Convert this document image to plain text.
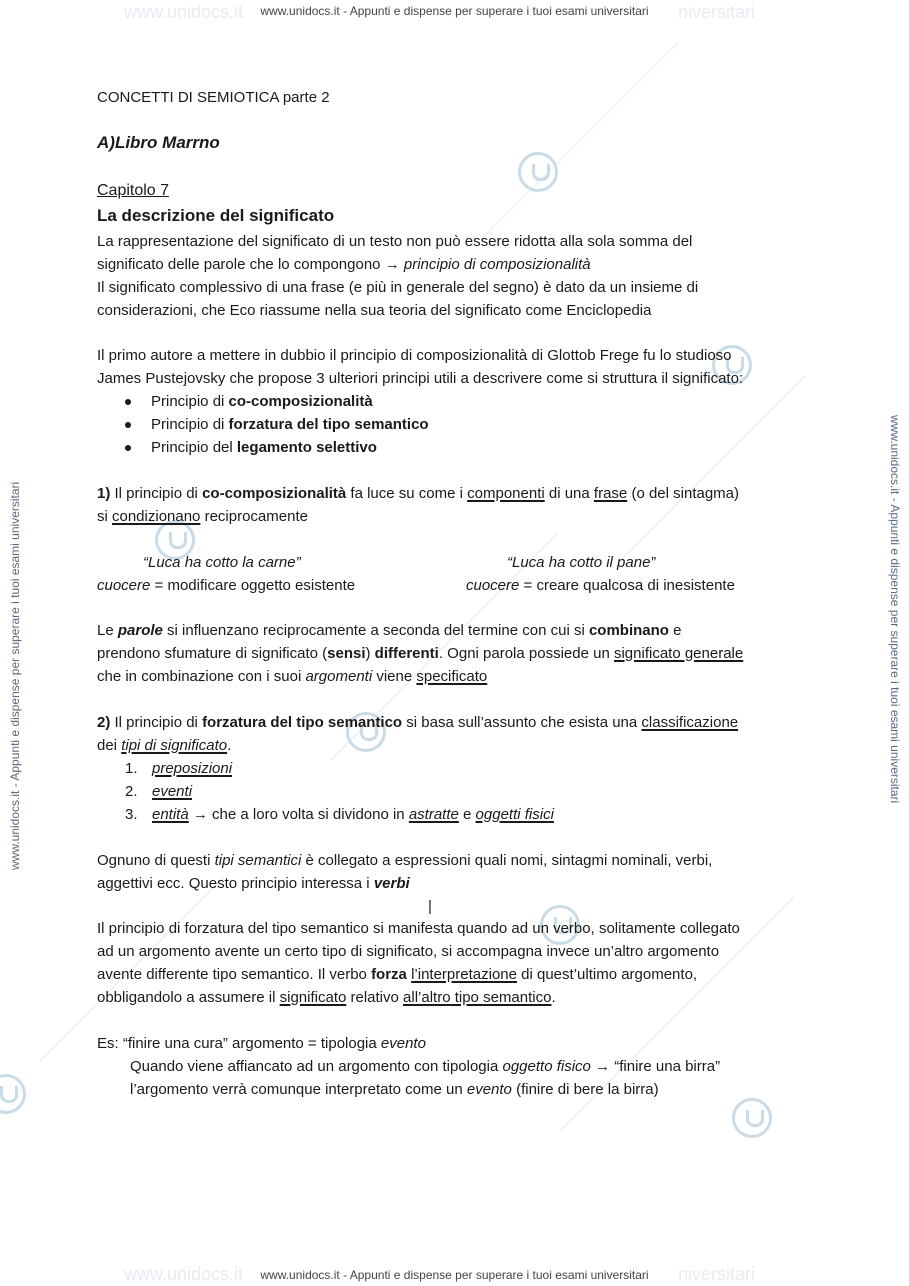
www.unidocs.it	niversitari
www.unidocs.it	niversitari
www.unidocs.it - Appunti e dispense per superare i tuoi esami universitari
www.unidocs.it - Appunti e dispense per superare i tuoi esami universitari
www.unidocs.it - Appunti e dispense per superare i tuoi esami universitari	www.unidocs.it - Appunti e dispense per superare i tuoi esami universitari
CONCETTI DI SEMIOTICA parte 2
A)Libro Marrno
Capitolo 7
La descrizione del significato
La rappresentazione del significato di un testo non può essere ridotta alla sola somma del
significato delle parole che lo compongono → principio di composizionalità
Il significato complessivo di una frase (e più in generale del segno) è dato da un insieme di
considerazioni, che Eco riassume nella sua teoria del significato come Enciclopedia
Il primo autore a mettere in dubbio il principio di composizionalità di Glottob Frege fu lo studioso
James Pustejovsky che propose 3 ulteriori principi utili a descrivere come si struttura il significato:
Principio di co-composizionalità
Principio di forzatura del tipo semantico
Principio del legamento selettivo
1) Il principio di co-composizionalità fa luce su come i componenti di una frase (o del sintagma)
si condizionano reciprocamente
“Luca ha cotto la carne”	“Luca ha cotto il pane”
cuocere = modificare oggetto esistente	cuocere = creare qualcosa di inesistente
Le parole si influenzano reciprocamente a seconda del termine con cui si combinano e
prendono sfumature di significato (sensi) differenti. Ogni parola possiede un significato generale
che in combinazione con i suoi argomenti viene specificato
2) Il principio di forzatura del tipo semantico si basa sull’assunto che esista una classificazione
dei tipi di significato.
1. preposizioni
2. eventi
3. entità → che a loro volta si dividono in astratte e oggetti fisici
Ognuno di questi tipi semantici è collegato a espressioni quali nomi, sintagmi nominali, verbi,
aggettivi ecc. Questo principio interessa i verbi
|
Il principio di forzatura del tipo semantico si manifesta quando ad un verbo, solitamente collegato
ad un argomento avente un certo tipo di significato, si accompagna invece un’altro argomento
avente differente tipo semantico. Il verbo forza l’interpretazione di quest’ultimo argomento,
obbligandolo a assumere il significato relativo all’altro tipo semantico.
Es: “finire una cura” argomento = tipologia evento
Quando viene affiancato ad un argomento con tipologia oggetto fisico → “finire una birra”
l’argomento verrà comunque interpretato come un evento (finire di bere la birra)
